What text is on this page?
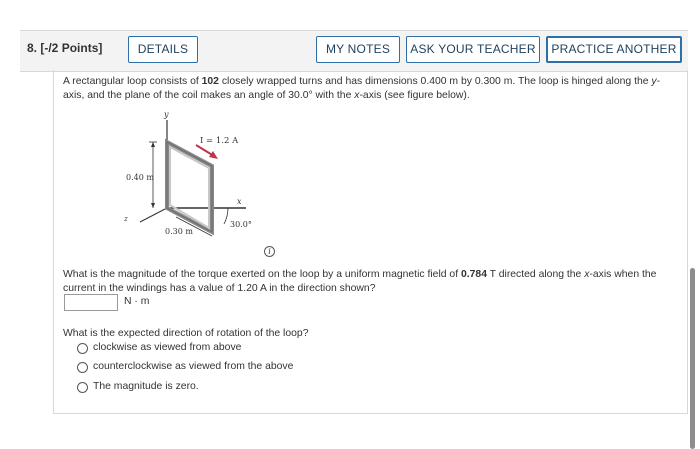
8. [-/2 Points]	DETAILS	MY NOTES	ASK YOUR TEACHER	PRACTICE ANOTHER
A rectangular loop consists of 102 closely wrapped turns and has dimensions 0.400 m by 0.300 m. The loop is hinged along the y-axis, and the plane of the coil makes an angle of 30.0° with the x-axis (see figure below).
y
z
x
I = 1.2 A
0.40 m
0.30 m
30.0°
i
What is the magnitude of the torque exerted on the loop by a uniform magnetic field of 0.784 T directed along the x-axis when the current in the windings has a value of 1.20 A in the direction shown?
N · m
What is the expected direction of rotation of the loop?
clockwise as viewed from above
counterclockwise as viewed from the above
The magnitude is zero.
